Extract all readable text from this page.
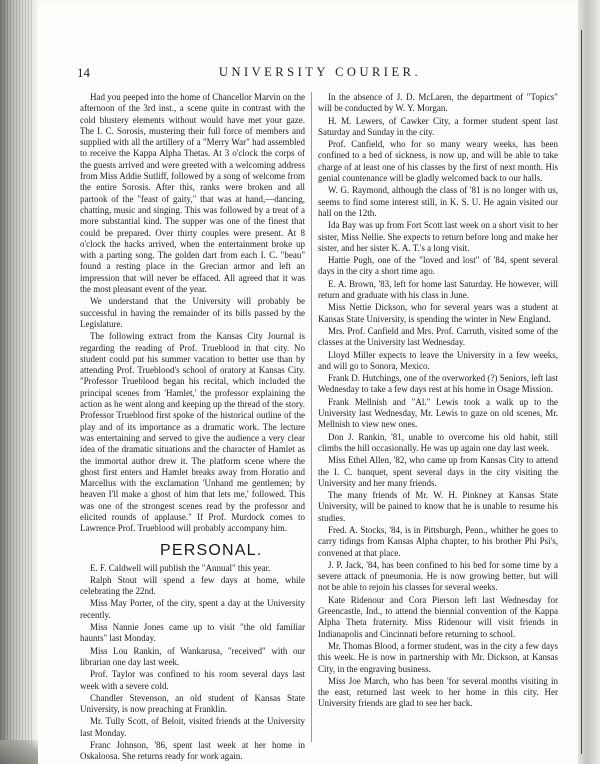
14	UNIVERSITY COURIER.

Had you peeped into the home of Chancellor Marvin on the afternoon of the 3rd inst., a scene quite in contrast with the cold blustery elements without would have met your gaze. The I. C. Sorosis, mustering their full force of members and supplied with all the artillery of a "Merry War" had assembled to receive the Kappa Alpha Thetas. At 3 o'clock the corps of the guests arrived and were greeted with a welcoming address from Miss Addie Sutliff, followed by a song of welcome from the entire Sorosis. After this, ranks were broken and all partook of the "feast of gaity," that was at hand,—dancing, chatting, music and singing. This was followed by a treat of a more substantial kind. The supper was one of the finest that could be prepared. Over thirty couples were present. At 8 o'clock the hacks arrived, when the entertainment broke up with a parting song. The golden dart from each I. C. "beau" found a resting place in the Grecian armor and left an impression that will never be effaced. All agreed that it was the most pleasant event of the year.

We understand that the University will probably be successful in having the remainder of its bills passed by the Legislature.

The following extract from the Kansas City Journal is regarding the reading of Prof. Trueblood in that city. No student could put his summer vacation to better use than by attending Prof. Trueblood's school of oratory at Kansas City. "Professor Trueblood began his recital, which included the principal scenes from 'Hamlet,' the professor explaining the action as he went along and keeping up the thread of the story. Professor Trueblood first spoke of the historical outline of the play and of its importance as a dramatic work. The lecture was entertaining and served to give the audience a very clear idea of the dramatic situations and the character of Hamlet as the immortal author drew it. The platform scene where the ghost first enters and Hamlet breaks away from Horatio and Marcellus with the exclamation 'Unhand me gentlemen; by heaven I'll make a ghost of him that lets me,' followed. This was one of the strongest scenes read by the professor and elicited rounds of applause." If Prof. Murdock comes to Lawrence Prof. Trueblood will probably accompany him.

PERSONAL.

E. F. Caldwell will publish the "Annual" this year.

Ralph Stout will spend a few days at home, while celebrating the 22nd.

Miss May Porter, of the city, spent a day at the University recently.

Miss Nannie Jones came up to visit "the old familiar haunts" last Monday.

Miss Lou Rankin, of Wankarusa, "received" with our librarian one day last week.

Prof. Taylor was confined to his room several days last week with a severe cold.

Chandler Stevenson, an old student of Kansas State University, is now preaching at Franklin.

Mr. Tully Scott, of Beloit, visited friends at the University last Monday.

Franc Johnson, '86, spent last week at her home in Oskaloosa. She returns ready for work again.

In the absence of J. D. McLaren, the department of "Topics" will be conducted by W. Y. Morgan.

H. M. Lewers, of Cawker City, a former student spent last Saturday and Sunday in the city.

Prof. Canfield, who for so many weary weeks, has been confined to a bed of sickness, is now up, and will be able to take charge of at least one of his classes by the first of next month. His genial countenance will be gladly welcomed back to our halls.

W. G. Raymond, although the class of '81 is no longer with us, seems to find some interest still, in K. S. U. He again visited our hall on the 12th.

Ida Bay was up from Fort Scott last week on a short visit to her sister, Miss Nellie. She expects to return before long and make her sister, and her sister K. A. T.'s a long visit.

Hattie Pugh, one of the "loved and lost" of '84, spent several days in the city a short time ago.

E. A. Brown, '83, left for home last Saturday. He however, will return and graduate with his class in June.

Miss Nettie Dickson, who for several years was a student at Kansas State University, is spending the winter in New England.

Mrs. Prof. Canfield and Mrs. Prof. Carruth, visited some of the classes at the University last Wednesday.

Lloyd Miller expects to leave the University in a few weeks, and will go to Sonora, Mexico.

Frank D. Hutchings, one of the overworked (?) Seniors, left last Wednesday to take a few days rest at his home in Osage Mission.

Frank Mellnish and "Al." Lewis took a walk up to the University last Wednesday, Mr. Lewis to gaze on old scenes, Mr. Mellnish to view new ones.

Don J. Rankin, '81, unable to overcome his old habit, still climbs the hill occasionally. He was up again one day last week.

Miss Ethel Allen, '82, who came up from Kansas City to attend the I. C. banquet, spent several days in the city visiting the University and her many friends.

The many friends of Mr. W. H. Pinkney at Kansas State University, will be pained to know that he is unable to resume his studies.

Fred. A. Stocks, '84, is in Pittsburgh, Penn., whither he goes to carry tidings from Kansas Alpha chapter, to his brother Phi Psi's, convened at that place.

J. P. Jack, '84, has been confined to his bed for some time by a severe attack of pneumonia. He is now growing better, but will not be able to rejoin his classes for several weeks.

Kate Ridenour and Cora Pierson left last Wednesday for Greencastle, Ind., to attend the biennial convention of the Kappa Alpha Theta fraternity. Miss Ridenour will visit friends in Indianapolis and Cincinnati before returning to school.

Mr. Thomas Blood, a former student, was in the city a few days this week. He is now in partnership with Mr. Dickson, at Kansas City, in the engraving business.

Miss Joe March, who has been 'for several months visiting in the east, returned last week to her home in this city. Her University friends are glad to see her back.
